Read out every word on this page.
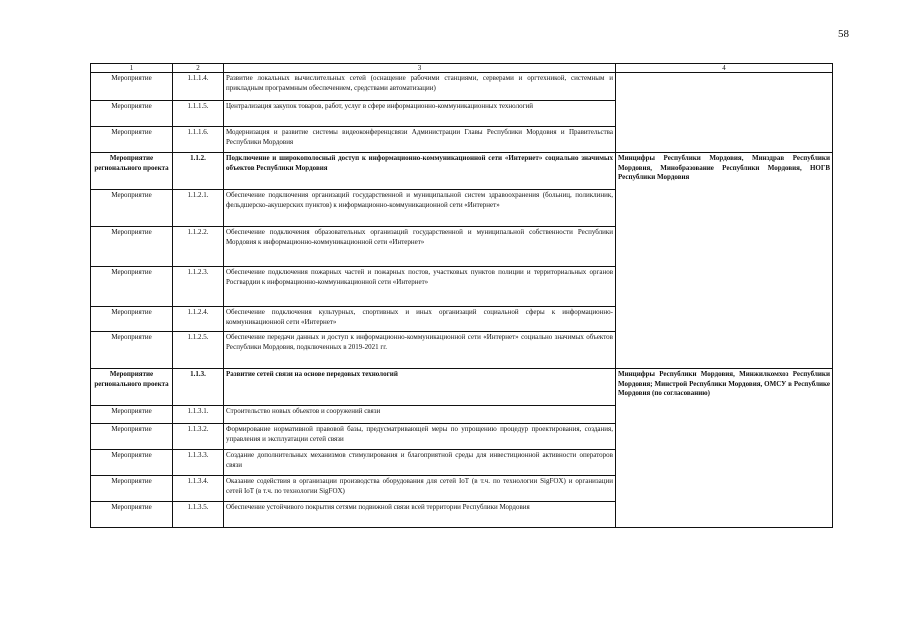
58
1	2	3	4
Мероприятие	1.1.1.4.	Развитие локальных вычислительных сетей (оснащение рабочими станциями, серверами и оргтехникой, системным и прикладным программным обеспечением, средствами автоматизации)	
Мероприятие	1.1.1.5.	Централизация закупок товаров, работ, услуг в сфере информационно-коммуникационных технологий	
Мероприятие	1.1.1.6.	Модернизация и развитие системы видеоконференцсвязи Администрации Главы Республики Мордовия и Правительства Республики Мордовия	
Мероприятие регионального проекта	1.1.2.	Подключение и широкополосный доступ к информационно-коммуникационной сети «Интернет» социально значимых объектов Республики Мордовия	Минцифры Республики Мордовия, Минздрав Республики Мордовия, Минобразование Республики Мордовия, НОГВ Республики Мордовия
Мероприятие	1.1.2.1.	Обеспечение подключения организаций государственной и муниципальной систем здравоохранения (больниц, поликлиник, фельдшерско-акушерских пунктов) к информационно-коммуникационной сети «Интернет»	
Мероприятие	1.1.2.2.	Обеспечение подключения образовательных организаций государственной и муниципальной собственности Республики Мордовия к информационно-коммуникационной сети «Интернет»	
Мероприятие	1.1.2.3.	Обеспечение подключения пожарных частей и пожарных постов, участковых пунктов полиции и территориальных органов Росгвардии к информационно-коммуникационной сети «Интернет»	
Мероприятие	1.1.2.4.	Обеспечение подключения культурных, спортивных и иных организаций социальной сферы к информационно-коммуникационной сети «Интернет»	
Мероприятие	1.1.2.5.	Обеспечение передачи данных и доступ к информационно-коммуникационной сети «Интернет» социально значимых объектов Республики Мордовия, подключенных в 2019-2021 гг.	
Мероприятие регионального проекта	1.1.3.	Развитие сетей связи на основе передовых технологий	Минцифры Республики Мордовия, Минжилкомхоз Республики Мордовия; Минстрой Республики Мордовия, ОМСУ в Республике Мордовия (по согласованию)
Мероприятие	1.1.3.1.	Строительство новых объектов и сооружений связи	
Мероприятие	1.1.3.2.	Формирование нормативной правовой базы, предусматривающей меры по упрощению процедур проектирования, создания, управления и эксплуатации сетей связи	
Мероприятие	1.1.3.3.	Создание дополнительных механизмов стимулирования и благоприятной среды для инвестиционной активности операторов связи	
Мероприятие	1.1.3.4.	Оказание содействия в организации производства оборудования для сетей IoT (в т.ч. по технологии SigFOX) и организации сетей IoT (в т.ч. по технологии SigFOX)	
Мероприятие	1.1.3.5.	Обеспечение устойчивого покрытия сетями подвижной связи всей территории Республики Мордовия	
